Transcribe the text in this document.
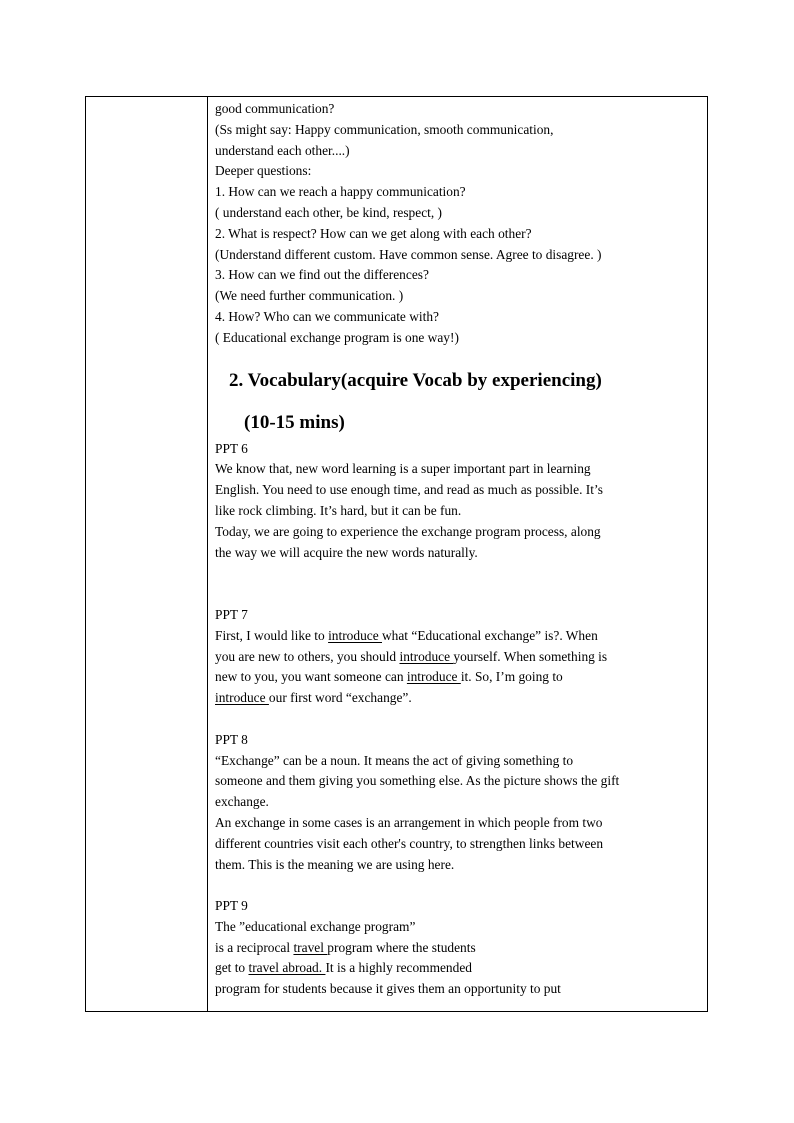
good communication?
(Ss might say: Happy communication, smooth communication,
understand each other....)
Deeper questions:
1. How can we reach a happy communication?
( understand each other, be kind, respect, )
2. What is respect? How can we get along with each other?
(Understand different custom. Have common sense. Agree to disagree. )
3. How can we find out the differences?
(We need further communication. )
4. How? Who can we communicate with?
( Educational exchange program is one way!)
2. Vocabulary(acquire Vocab by experiencing)
(10-15 mins)
PPT 6
We know that, new word learning is a super important part in learning
English. You need to use enough time, and read as much as possible. It’s
like rock climbing. It’s hard, but it can be fun.
Today, we are going to experience the exchange program process, along
the way we will acquire the new words naturally.
PPT 7
First, I would like to introduce what “Educational exchange” is?. When
you are new to others, you should introduce yourself. When something is
new to you, you want someone can introduce it. So, I’m going to
introduce our first word “exchange”.
PPT 8
“Exchange” can be a noun. It means the act of giving something to
someone and them giving you something else. As the picture shows the gift
exchange.
An exchange in some cases is an arrangement in which people from two
different countries visit each other's country, to strengthen links between
them. This is the meaning we are using here.
PPT 9
The ”educational exchange program”
is a reciprocal travel program where the students
get to travel abroad. It is a highly recommended
program for students because it gives them an opportunity to put
